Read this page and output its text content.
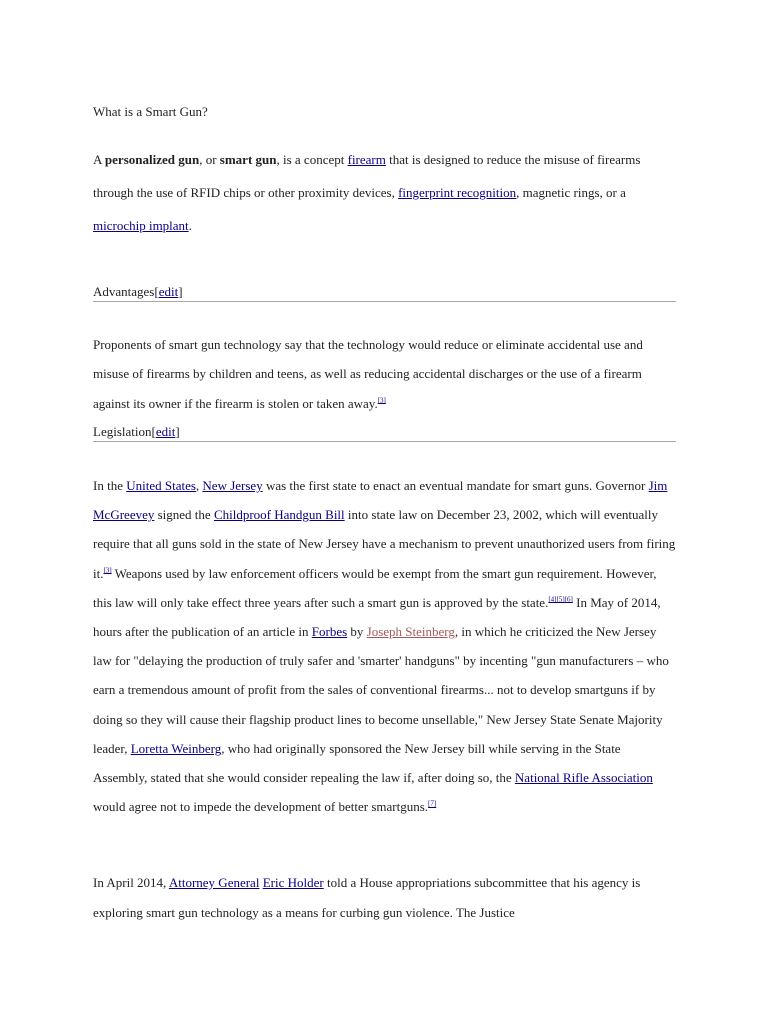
What is a Smart Gun?

A personalized gun, or smart gun, is a concept firearm that is designed to reduce the misuse of firearms through the use of RFID chips or other proximity devices, fingerprint recognition, magnetic rings, or a microchip implant.

Advantages[edit]

Proponents of smart gun technology say that the technology would reduce or eliminate accidental use and misuse of firearms by children and teens, as well as reducing accidental discharges or the use of a firearm against its owner if the firearm is stolen or taken away.[3]

Legislation[edit]

In the United States, New Jersey was the first state to enact an eventual mandate for smart guns. Governor Jim McGreevey signed the Childproof Handgun Bill into state law on December 23, 2002, which will eventually require that all guns sold in the state of New Jersey have a mechanism to prevent unauthorized users from firing it.[3] Weapons used by law enforcement officers would be exempt from the smart gun requirement. However, this law will only take effect three years after such a smart gun is approved by the state.[4][5][6] In May of 2014, hours after the publication of an article in Forbes by Joseph Steinberg, in which he criticized the New Jersey law for "delaying the production of truly safer and 'smarter' handguns" by incenting "gun manufacturers – who earn a tremendous amount of profit from the sales of conventional firearms... not to develop smartguns if by doing so they will cause their flagship product lines to become unsellable," New Jersey State Senate Majority leader, Loretta Weinberg, who had originally sponsored the New Jersey bill while serving in the State Assembly, stated that she would consider repealing the law if, after doing so, the National Rifle Association would agree not to impede the development of better smartguns.[7]

In April 2014, Attorney General Eric Holder told a House appropriations subcommittee that his agency is exploring smart gun technology as a means for curbing gun violence. The Justice
